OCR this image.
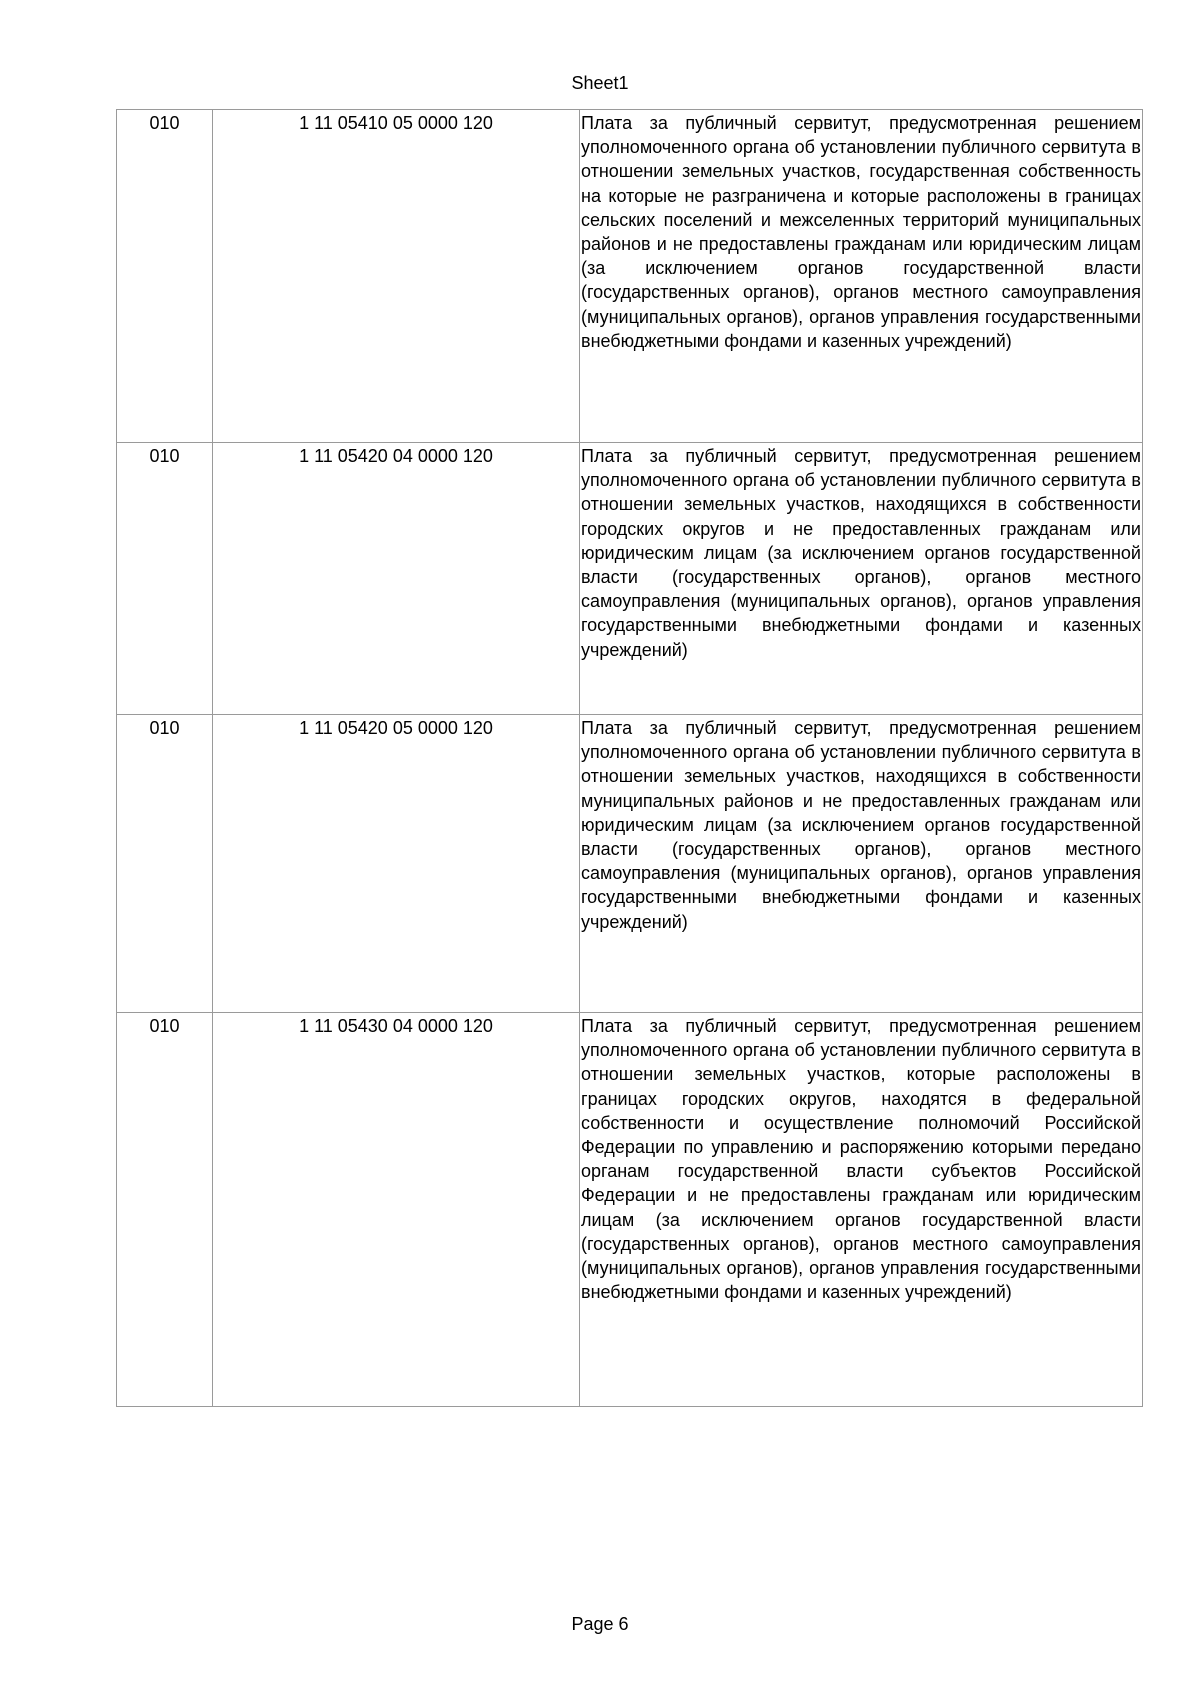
Sheet1
010	1 11 05410 05 0000 120	Плата за публичный сервитут, предусмотренная решением уполномоченного органа об установлении публичного сервитута в отношении земельных участков, государственная собственность на которые не разграничена и которые расположены в границах сельских поселений и межселенных территорий муниципальных районов и не предоставлены гражданам или юридическим лицам (за исключением органов государственной власти (государственных органов), органов местного самоуправления (муниципальных органов), органов управления государственными внебюджетными фондами и казенных учреждений)

010	1 11 05420 04 0000 120	Плата за публичный сервитут, предусмотренная решением уполномоченного органа об установлении публичного сервитута в отношении земельных участков, находящихся в собственности городских округов и не предоставленных гражданам или юридическим лицам (за исключением органов государственной власти (государственных органов), органов местного самоуправления (муниципальных органов), органов управления государственными внебюджетными фондами и казенных учреждений)

010	1 11 05420 05 0000 120	Плата за публичный сервитут, предусмотренная решением уполномоченного органа об установлении публичного сервитута в отношении земельных участков, находящихся в собственности муниципальных районов и не предоставленных гражданам или юридическим лицам (за исключением органов государственной власти (государственных органов), органов местного самоуправления (муниципальных органов), органов управления государственными внебюджетными фондами и казенных учреждений)

010	1 11 05430 04 0000 120	Плата за публичный сервитут, предусмотренная решением уполномоченного органа об установлении публичного сервитута в отношении земельных участков, которые расположены в границах городских округов, находятся в федеральной собственности и осуществление полномочий Российской Федерации по управлению и распоряжению которыми передано органам государственной власти субъектов Российской Федерации и не предоставлены гражданам или юридическим лицам (за исключением органов государственной власти (государственных органов), органов местного самоуправления (муниципальных органов), органов управления государственными внебюджетными фондами и казенных учреждений)
Page 6
